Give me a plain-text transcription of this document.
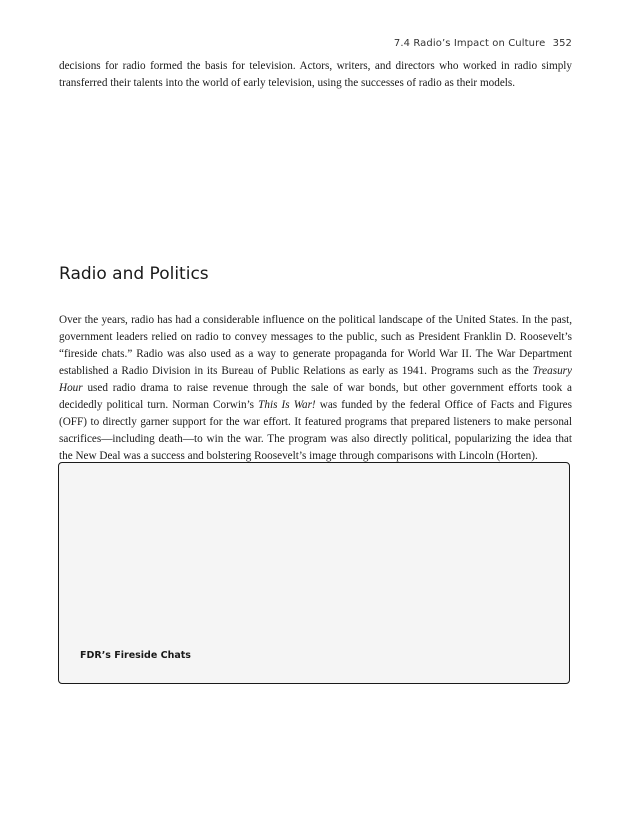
7.4 Radio’s Impact on Culture 352

decisions for radio formed the basis for television. Actors, writers, and directors who worked in radio simply transferred their talents into the world of early television, using the successes of radio as their models.

Radio and Politics

Over the years, radio has had a considerable influence on the political landscape of the United States. In the past, government leaders relied on radio to convey messages to the public, such as President Franklin D. Roosevelt’s “fireside chats.” Radio was also used as a way to generate propaganda for World War II. The War Department established a Radio Division in its Bureau of Public Relations as early as 1941. Programs such as the Treasury Hour used radio drama to raise revenue through the sale of war bonds, but other government efforts took a decidedly political turn. Norman Corwin’s This Is War! was funded by the federal Office of Facts and Figures (OFF) to directly garner support for the war effort. It featured programs that prepared listeners to make personal sacrifices—including death—to win the war. The program was also directly political, popularizing the idea that the New Deal was a success and bolstering Roosevelt’s image through comparisons with Lincoln (Horten).

FDR’s Fireside Chats
